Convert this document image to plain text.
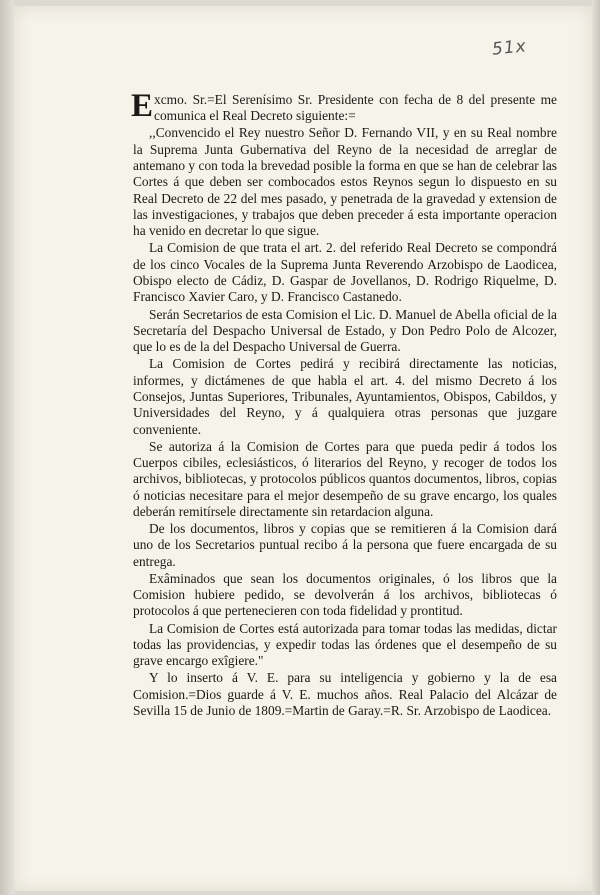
51x

Excmo. Sr.=El Serenísimo Sr. Presidente con fecha de 8 del presente me comunica el Real Decreto siguiente:=

,,Convencido el Rey nuestro Señor D. Fernando VII, y en su Real nombre la Suprema Junta Gubernativa del Reyno de la necesidad de arreglar de antemano y con toda la brevedad posible la forma en que se han de celebrar las Cortes á que deben ser combocados estos Reynos segun lo dispuesto en su Real Decreto de 22 del mes pasado, y penetrada de la gravedad y extension de las investigaciones, y trabajos que deben preceder á esta importante operacion ha venido en decretar lo que sigue.

La Comision de que trata el art. 2. del referido Real Decreto se compondrá de los cinco Vocales de la Suprema Junta Reverendo Arzobispo de Laodicea, Obispo electo de Cádiz, D. Gaspar de Jovellanos, D. Rodrigo Riquelme, D. Francisco Xavier Caro, y D. Francisco Castanedo.

Serán Secretarios de esta Comision el Lic. D. Manuel de Abella oficial de la Secretaría del Despacho Universal de Estado, y Don Pedro Polo de Alcozer, que lo es de la del Despacho Universal de Guerra.

La Comision de Cortes pedirá y recibirá directamente las noticias, informes, y dictámenes de que habla el art. 4. del mismo Decreto á los Consejos, Juntas Superiores, Tribunales, Ayuntamientos, Obispos, Cabildos, y Universidades del Reyno, y á qualquiera otras personas que juzgare conveniente.

Se autoriza á la Comision de Cortes para que pueda pedir á todos los Cuerpos cibiles, eclesiásticos, ó literarios del Reyno, y recoger de todos los archivos, bibliotecas, y protocolos públicos quantos documentos, libros, copias ó noticias necesitare para el mejor desempeño de su grave encargo, los quales deberán remitírsele directamente sin retardacion alguna.

De los documentos, libros y copias que se remitieren á la Comision dará uno de los Secretarios puntual recibo á la persona que fuere encargada de su entrega.

Exâminados que sean los documentos originales, ó los libros que la Comision hubiere pedido, se devolverán á los archivos, bibliotecas ó protocolos á que pertenecieren con toda fidelidad y prontitud.

La Comision de Cortes está autorizada para tomar todas las medidas, dictar todas las providencias, y expedir todas las órdenes que el desempeño de su grave encargo exîgiere."

Y lo inserto á V. E. para su inteligencia y gobierno y la de esa Comision.=Dios guarde á V. E. muchos años. Real Palacio del Alcázar de Sevilla 15 de Junio de 1809.=Martin de Garay.=R. Sr. Arzobispo de Laodicea.
